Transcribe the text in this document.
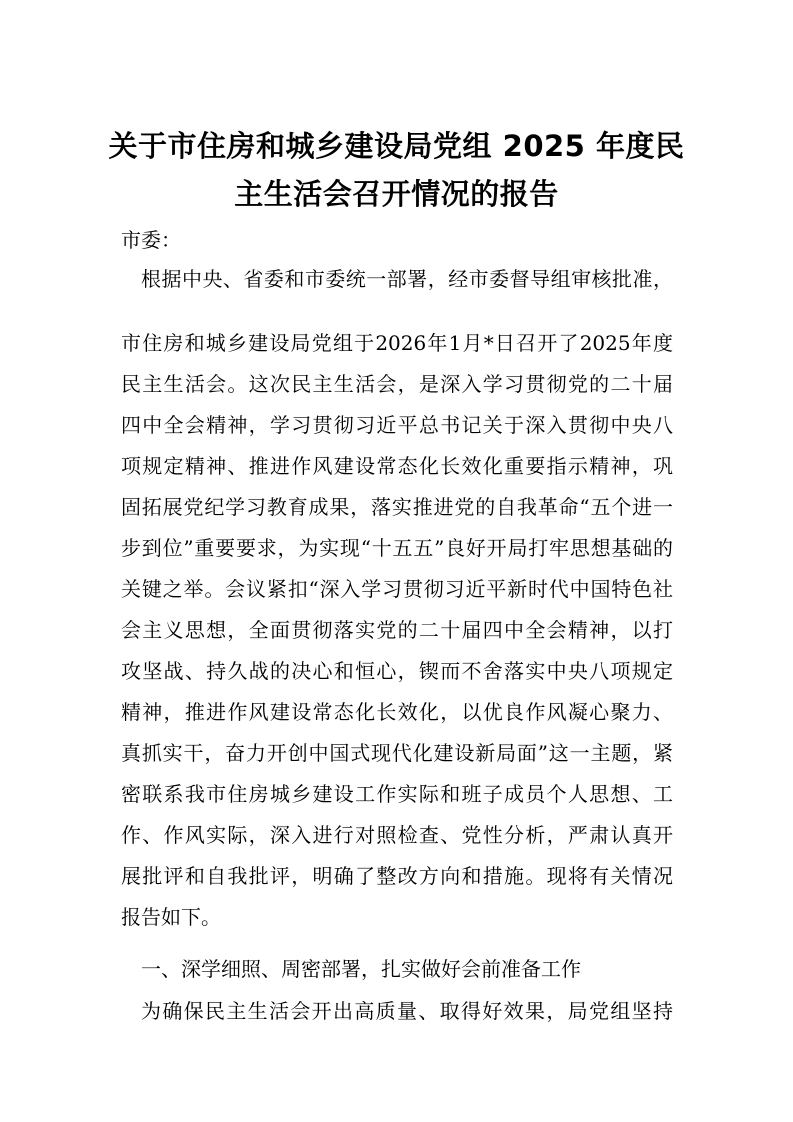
关于市住房和城乡建设局党组 2025 年度民
主生活会召开情况的报告
市委：
根据中央、省委和市委统一部署，经市委督导组审核批准，
市住房和城乡建设局党组于2026年1月*日召开了2025年度
民主生活会。这次民主生活会，是深入学习贯彻党的二十届
四中全会精神，学习贯彻习近平总书记关于深入贯彻中央八
项规定精神、推进作风建设常态化长效化重要指示精神，巩
固拓展党纪学习教育成果，落实推进党的自我革命“五个进一
步到位”重要要求，为实现“十五五”良好开局打牢思想基础的
关键之举。会议紧扣“深入学习贯彻习近平新时代中国特色社
会主义思想，全面贯彻落实党的二十届四中全会精神，以打
攻坚战、持久战的决心和恒心，锲而不舍落实中央八项规定
精神，推进作风建设常态化长效化，以优良作风凝心聚力、
真抓实干，奋力开创中国式现代化建设新局面”这一主题，紧
密联系我市住房城乡建设工作实际和班子成员个人思想、工
作、作风实际，深入进行对照检查、党性分析，严肃认真开
展批评和自我批评，明确了整改方向和措施。现将有关情况
报告如下。
一、深学细照、周密部署，扎实做好会前准备工作
为确保民主生活会开出高质量、取得好效果，局党组坚持
